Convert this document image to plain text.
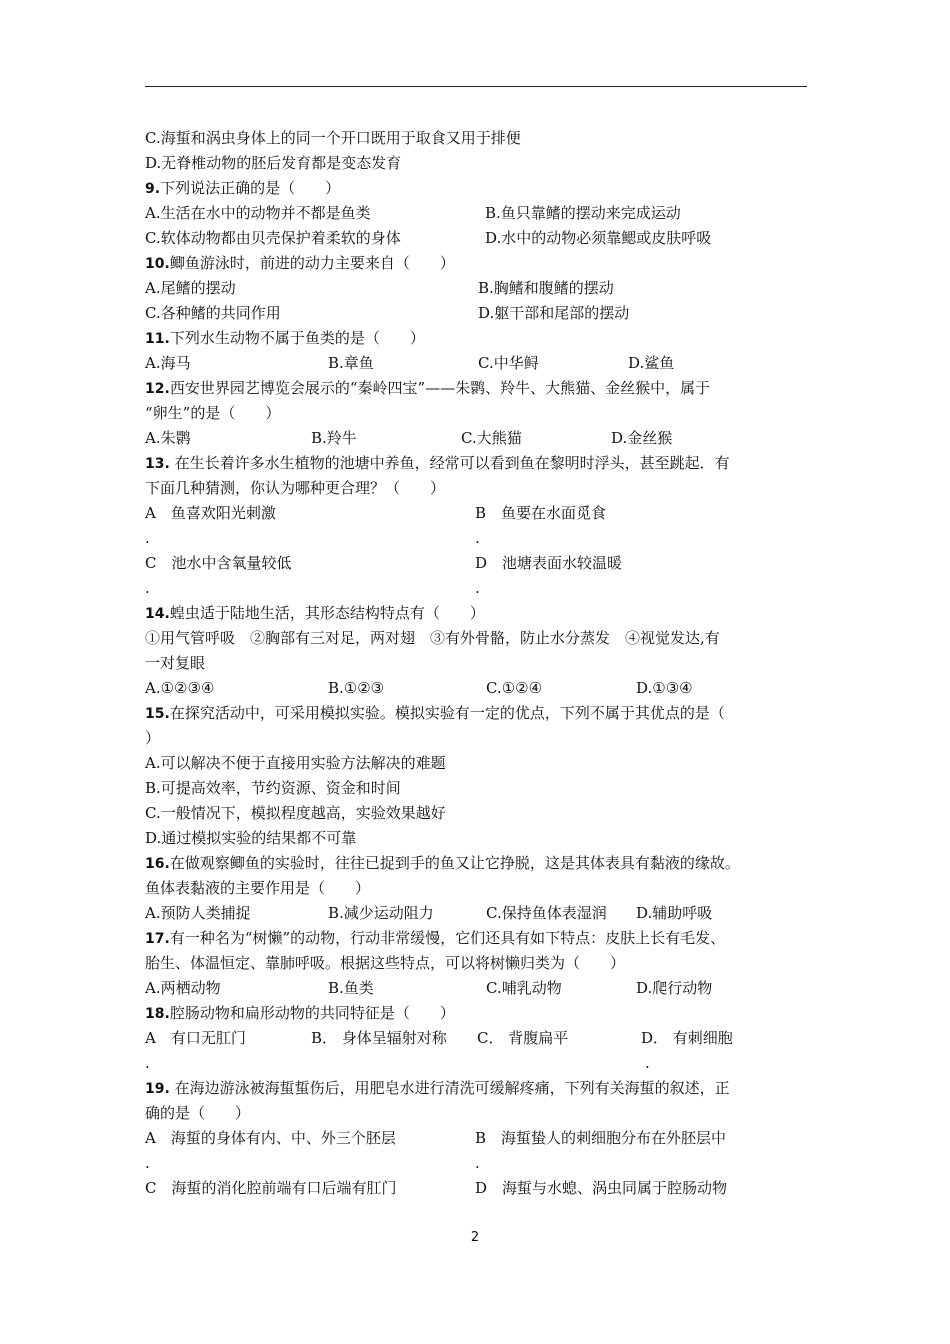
C.海蜇和涡虫身体上的同一个开口既用于取食又用于排便
D.无脊椎动物的胚后发育都是变态发育
9.下列说法正确的是（　　）
A.生活在水中的动物并不都是鱼类	B.鱼只靠鳍的摆动来完成运动
C.软体动物都由贝壳保护着柔软的身体	D.水中的动物必须靠鳃或皮肤呼吸
10.鲫鱼游泳时，前进的动力主要来自（　　）
A.尾鳍的摆动	B.胸鳍和腹鳍的摆动
C.各种鳍的共同作用	D.躯干部和尾部的摆动
11.下列水生动物不属于鱼类的是（　　）
A.海马	B.章鱼	C.中华鲟	D.鲨鱼
12.西安世界园艺博览会展示的“秦岭四宝”——朱鹮、羚牛、大熊猫、金丝猴中，属于
“卵生”的是（　　）
A.朱鹮	B.羚牛	C.大熊猫	D.金丝猴
13. 在生长着许多水生植物的池塘中养鱼，经常可以看到鱼在黎明时浮头，甚至跳起．有
下面几种猜测，你认为哪种更合理？（　　）
A　鱼喜欢阳光刺激	B　鱼要在水面觅食
.	.
C　池水中含氧量较低	D　池塘表面水较温暖
.	.
14.蝗虫适于陆地生活，其形态结构特点有（　　）
①用气管呼吸　②胸部有三对足，两对翅　③有外骨骼，防止水分蒸发　④视觉发达,有
一对复眼
A.①②③④	B.①②③	C.①②④	D.①③④
15.在探究活动中，可采用模拟实验。模拟实验有一定的优点，下列不属于其优点的是（
）
A.可以解决不便于直接用实验方法解决的难题
B.可提高效率，节约资源、资金和时间
C.一般情况下，模拟程度越高，实验效果越好
D.通过模拟实验的结果都不可靠
16.在做观察鲫鱼的实验时，往往已捉到手的鱼又让它挣脱，这是其体表具有黏液的缘故。
鱼体表黏液的主要作用是（　　）
A.预防人类捕捉	B.减少运动阻力	C.保持鱼体表湿润 D.辅助呼吸
17.有一种名为“树懒”的动物，行动非常缓慢，它们还具有如下特点：皮肤上长有毛发、
胎生、体温恒定、靠肺呼吸。根据这些特点，可以将树懒归类为（　　）
A.两栖动物	B.鱼类	C.哺乳动物	D.爬行动物
18.腔肠动物和扁形动物的共同特征是（　　）
A　有口无肛门	B． 身体呈辐射对称 C． 背腹扁平	D． 有刺细胞
.	.
19. 在海边游泳被海蜇蜇伤后，用肥皂水进行清洗可缓解疼痛，下列有关海蜇的叙述，正
确的是（　　）
A　海蜇的身体有内、中、外三个胚层	B　海蜇蛰人的刺细胞分布在外胚层中
.	.
C　海蜇的消化腔前端有口后端有肛门	D　海蜇与水螅、涡虫同属于腔肠动物
2
